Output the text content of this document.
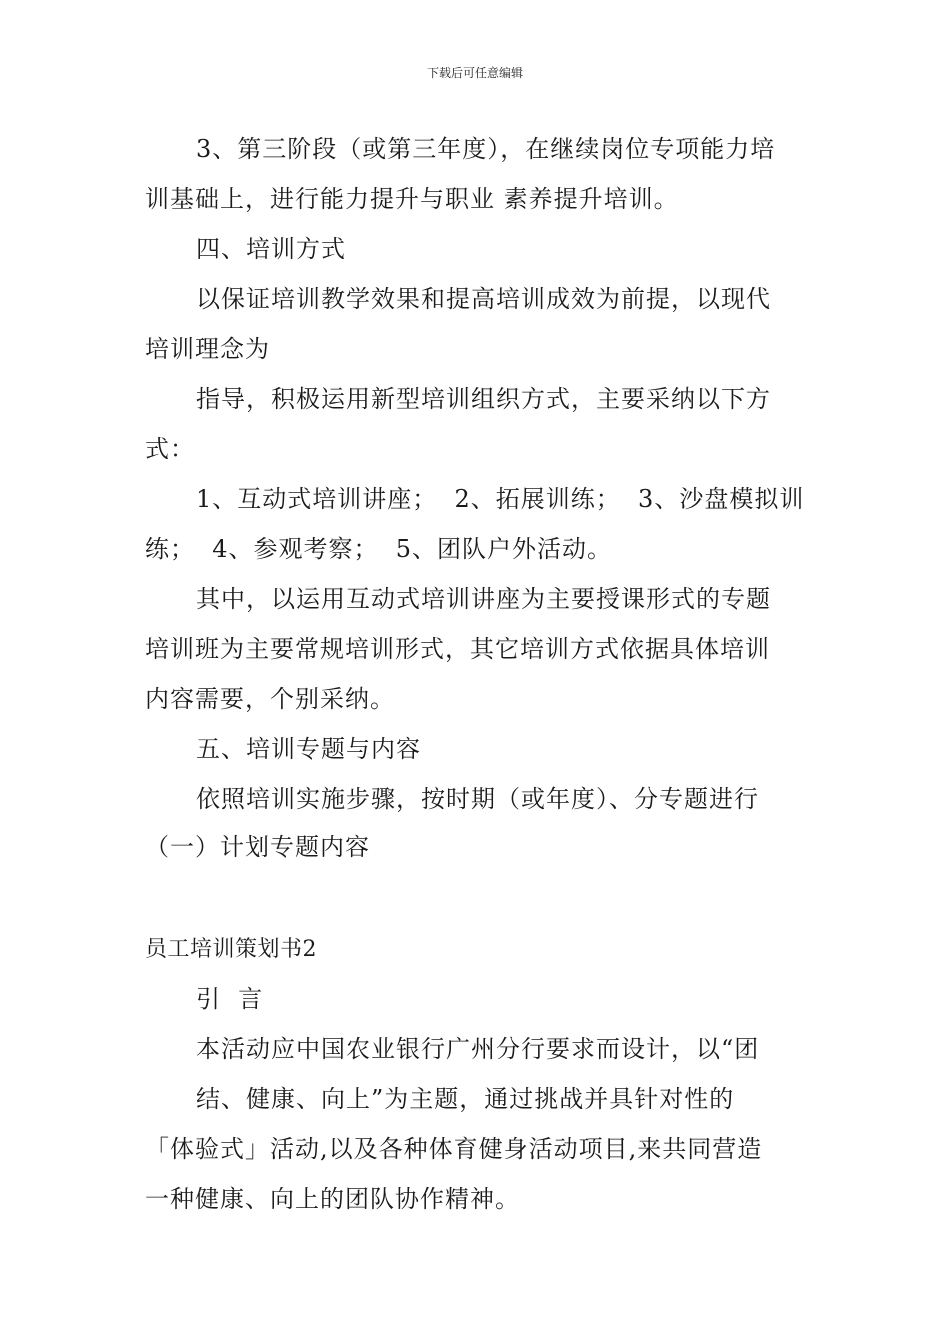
下载后可任意编辑
3、第三阶段（或第三年度），在继续岗位专项能力培
训基础上，进行能力提升与职业 素养提升培训。
四、培训方式
以保证培训教学效果和提高培训成效为前提，以现代
培训理念为
指导，积极运用新型培训组织方式，主要采纳以下方
式：
1、互动式培训讲座；  2、拓展训练；  3、沙盘模拟训
练；  4、参观考察；  5、团队户外活动。
其中，以运用互动式培训讲座为主要授课形式的专题
培训班为主要常规培训形式，其它培训方式依据具体培训
内容需要，个别采纳。
五、培训专题与内容
依照培训实施步骤，按时期（或年度）、分专题进行
（一）计划专题内容
员工培训策划书2
引  言
本活动应中国农业银行广州分行要求而设计，以“团
结、健康、向上”为主题，通过挑战并具针对性的
「体验式」活动,以及各种体育健身活动项目,来共同营造
一种健康、向上的团队协作精神。
